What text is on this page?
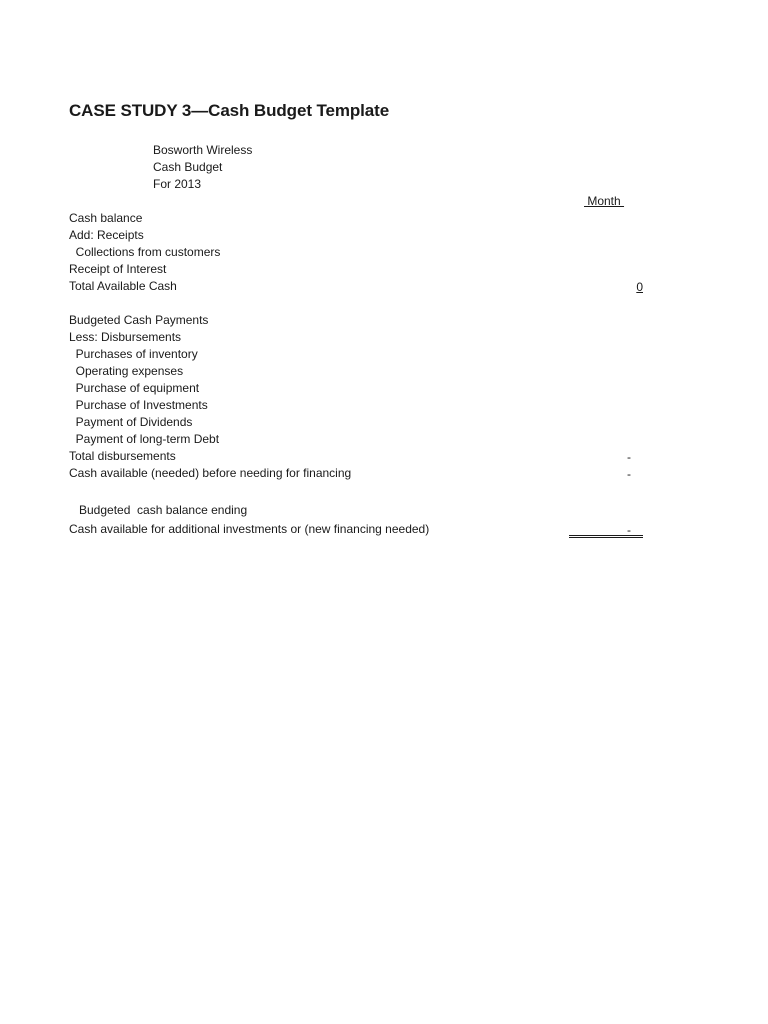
CASE STUDY 3—Cash Budget Template
Bosworth Wireless
Cash Budget
For 2013
Month
Cash balance
Add: Receipts
Collections from customers
Receipt of Interest
Total Available Cash	0
Budgeted Cash Payments
Less: Disbursements
Purchases of inventory
Operating expenses
Purchase of equipment
Purchase of Investments
Payment of Dividends
Payment of long-term Debt
Total disbursements	-
Cash available (needed) before needing for financing	-
Budgeted  cash balance ending
Cash available for additional investments or (new financing needed)	-
